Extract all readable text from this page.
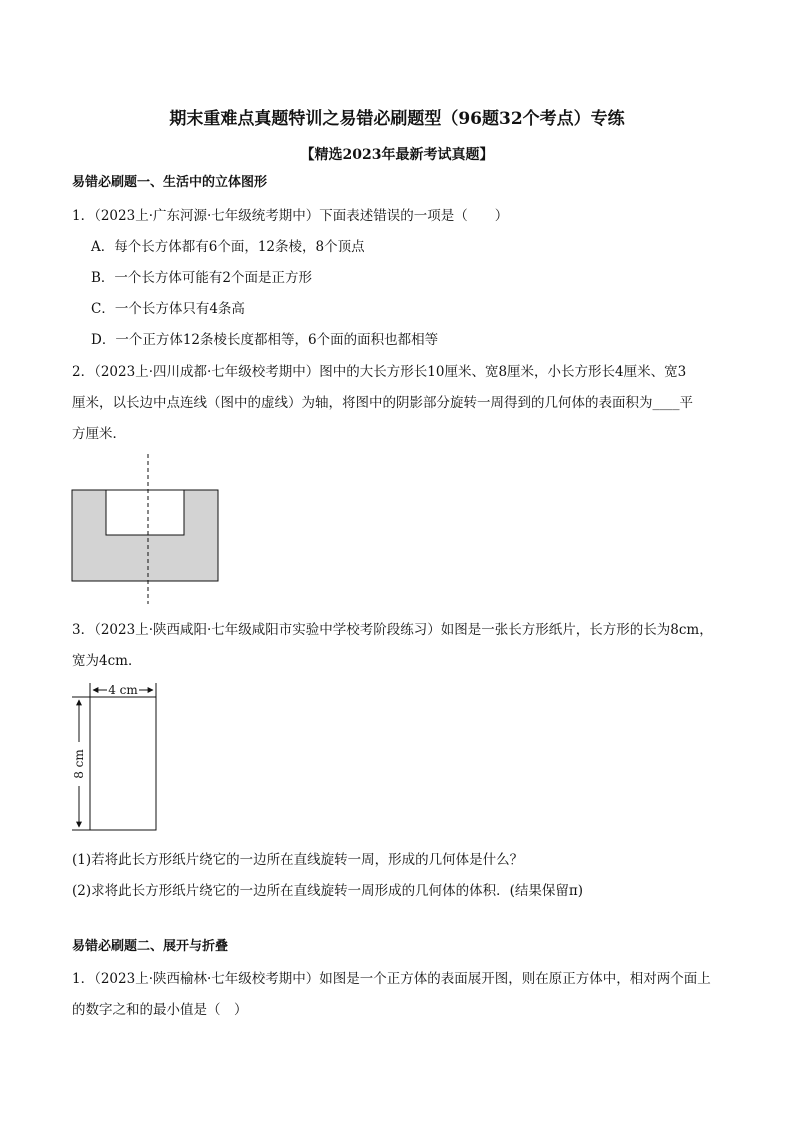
期末重难点真题特训之易错必刷题型（96题32个考点）专练
【精选2023年最新考试真题】
易错必刷题一、生活中的立体图形
1．（2023上·广东河源·七年级统考期中）下面表述错误的一项是（　　）
A．每个长方体都有6个面，12条棱，8个顶点
B．一个长方体可能有2个面是正方形
C．一个长方体只有4条高
D．一个正方体12条棱长度都相等，6个面的面积也都相等
2．（2023上·四川成都·七年级校考期中）图中的大长方形长10厘米、宽8厘米，小长方形长4厘米、宽3
厘米，以长边中点连线（图中的虚线）为轴，将图中的阴影部分旋转一周得到的几何体的表面积为____平
方厘米．
3．（2023上·陕西咸阳·七年级咸阳市实验中学校考阶段练习）如图是一张长方形纸片，长方形的长为8cm，
宽为4cm．
4 cm
8 cm
(1)若将此长方形纸片绕它的一边所在直线旋转一周，形成的几何体是什么？
(2)求将此长方形纸片绕它的一边所在直线旋转一周形成的几何体的体积．(结果保留π)
易错必刷题二、展开与折叠
1．（2023上·陕西榆林·七年级校考期中）如图是一个正方体的表面展开图，则在原正方体中，相对两个面上
的数字之和的最小值是（　）
